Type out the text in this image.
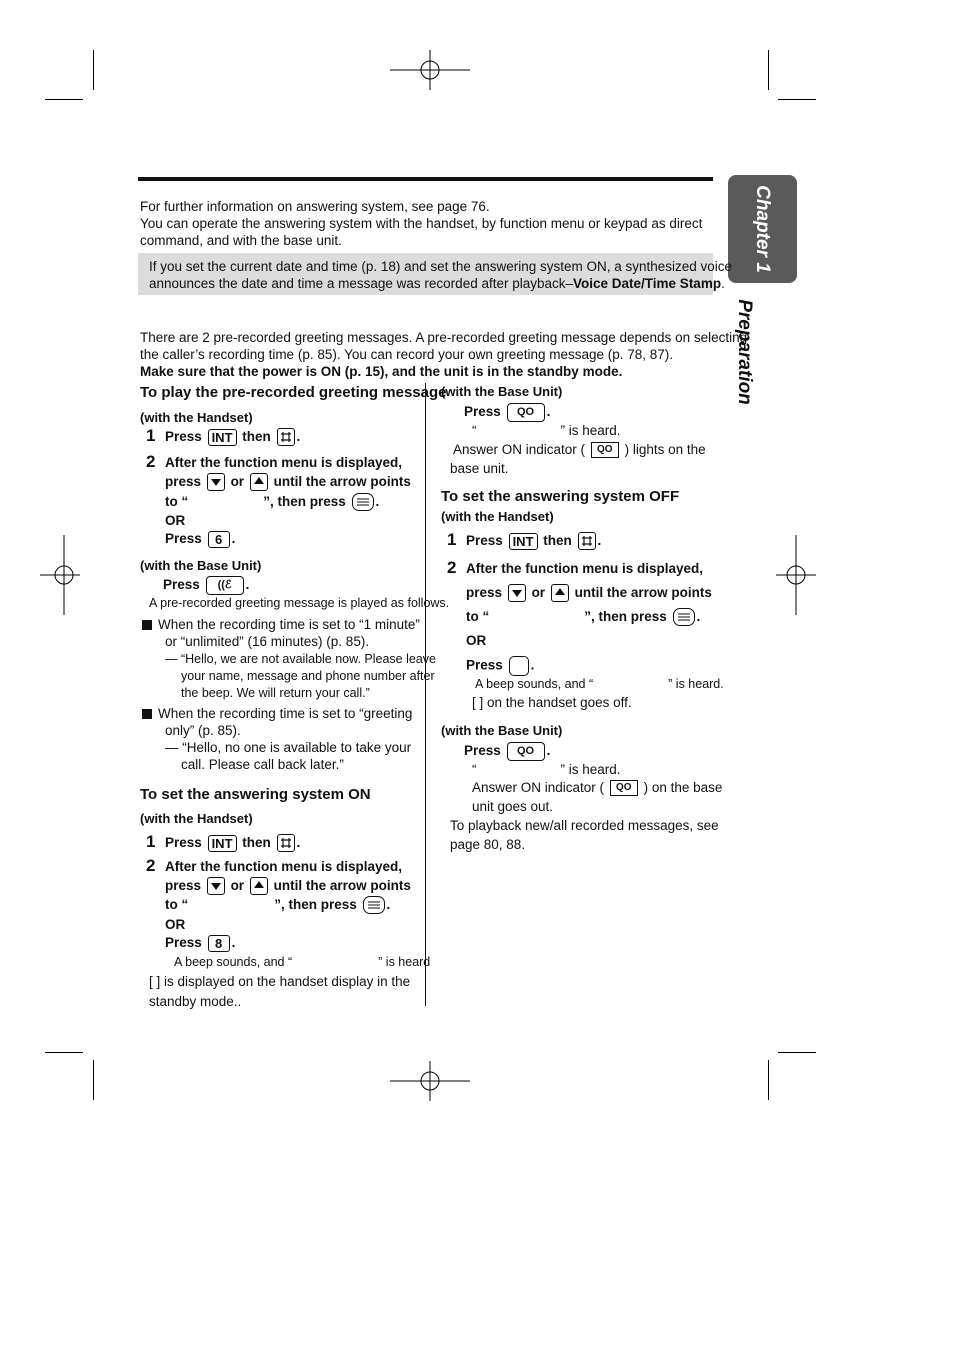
Chapter 1
Preparation
For further information on answering system, see page 76.
You can operate the answering system with the handset, by function menu or keypad as direct
command, and with the base unit.
If you set the current date and time (p. 18) and set the answering system ON, a synthesized voice
announces the date and time a message was recorded after playback–Voice Date/Time Stamp.
There are 2 pre-recorded greeting messages. A pre-recorded greeting message depends on selecting
the caller’s recording time (p. 85). You can record your own greeting message (p. 78, 87).
Make sure that the power is ON (p. 15), and the unit is in the standby mode.
To play the pre-recorded greeting message
(with the Handset)
1 Press INT then .
2 After the function menu is displayed,
press or until the arrow points
to “	”, then press .
OR
Press 6 .
(with the Base Unit)
Press ((ℰ .
A pre-recorded greeting message is played as follows.
When the recording time is set to “1 minute”
or “unlimited” (16 minutes) (p. 85).
— “Hello, we are not available now. Please leave
your name, message and phone number after
the beep. We will return your call.”
When the recording time is set to “greeting
only” (p. 85).
— “Hello, no one is available to take your
call. Please call back later.”
To set the answering system ON
(with the Handset)
1 Press INT then .
2 After the function menu is displayed,
press or until the arrow points
to “	”, then press .
OR
Press 8 .
A beep sounds, and “	” is heard
[ ] is displayed on the handset display in the
standby mode..
(with the Base Unit)
Press QO .
“	” is heard.
Answer ON indicator ( QO ) lights on the
base unit.
To set the answering system OFF
(with the Handset)
1 Press INT then .
2 After the function menu is displayed,
press or until the arrow points
to “	”, then press .
OR
Press .
A beep sounds, and “	” is heard.
[ ] on the handset goes off.
(with the Base Unit)
Press QO .
“	” is heard.
Answer ON indicator ( QO ) on the base
unit goes out.
To playback new/all recorded messages, see
page 80, 88.
